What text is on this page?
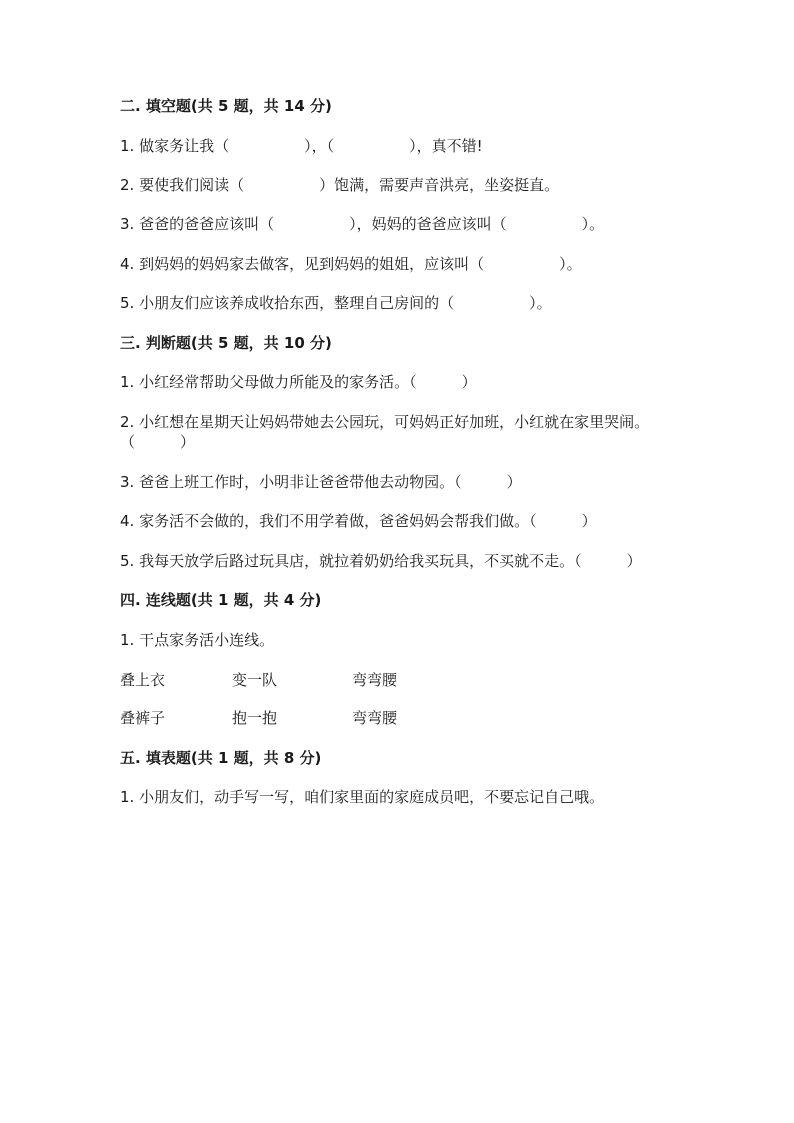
二. 填空题(共 5 题，共 14 分)
1. 做家务让我（　　　　　），（　　　　　），真不错!
2. 要使我们阅读（　　　　　）饱满，需要声音洪亮，坐姿挺直。
3. 爸爸的爸爸应该叫（　　　　　），妈妈的爸爸应该叫（　　　　　）。
4. 到妈妈的妈妈家去做客，见到妈妈的姐姐，应该叫（　　　　　）。
5. 小朋友们应该养成收拾东西，整理自己房间的（　　　　　）。
三. 判断题(共 5 题，共 10 分)
1. 小红经常帮助父母做力所能及的家务活。（　　　）
2. 小红想在星期天让妈妈带她去公园玩，可妈妈正好加班，小红就在家里哭闹。（　　　）
3. 爸爸上班工作时，小明非让爸爸带他去动物园。（　　　）
4. 家务活不会做的，我们不用学着做，爸爸妈妈会帮我们做。（　　　）
5. 我每天放学后路过玩具店，就拉着奶奶给我买玩具，不买就不走。（　　　）
四. 连线题(共 1 题，共 4 分)
1. 干点家务活小连线。
叠上衣	变一队	弯弯腰
叠裤子	抱一抱	弯弯腰
五. 填表题(共 1 题，共 8 分)
1. 小朋友们，动手写一写，咱们家里面的家庭成员吧，不要忘记自己哦。
